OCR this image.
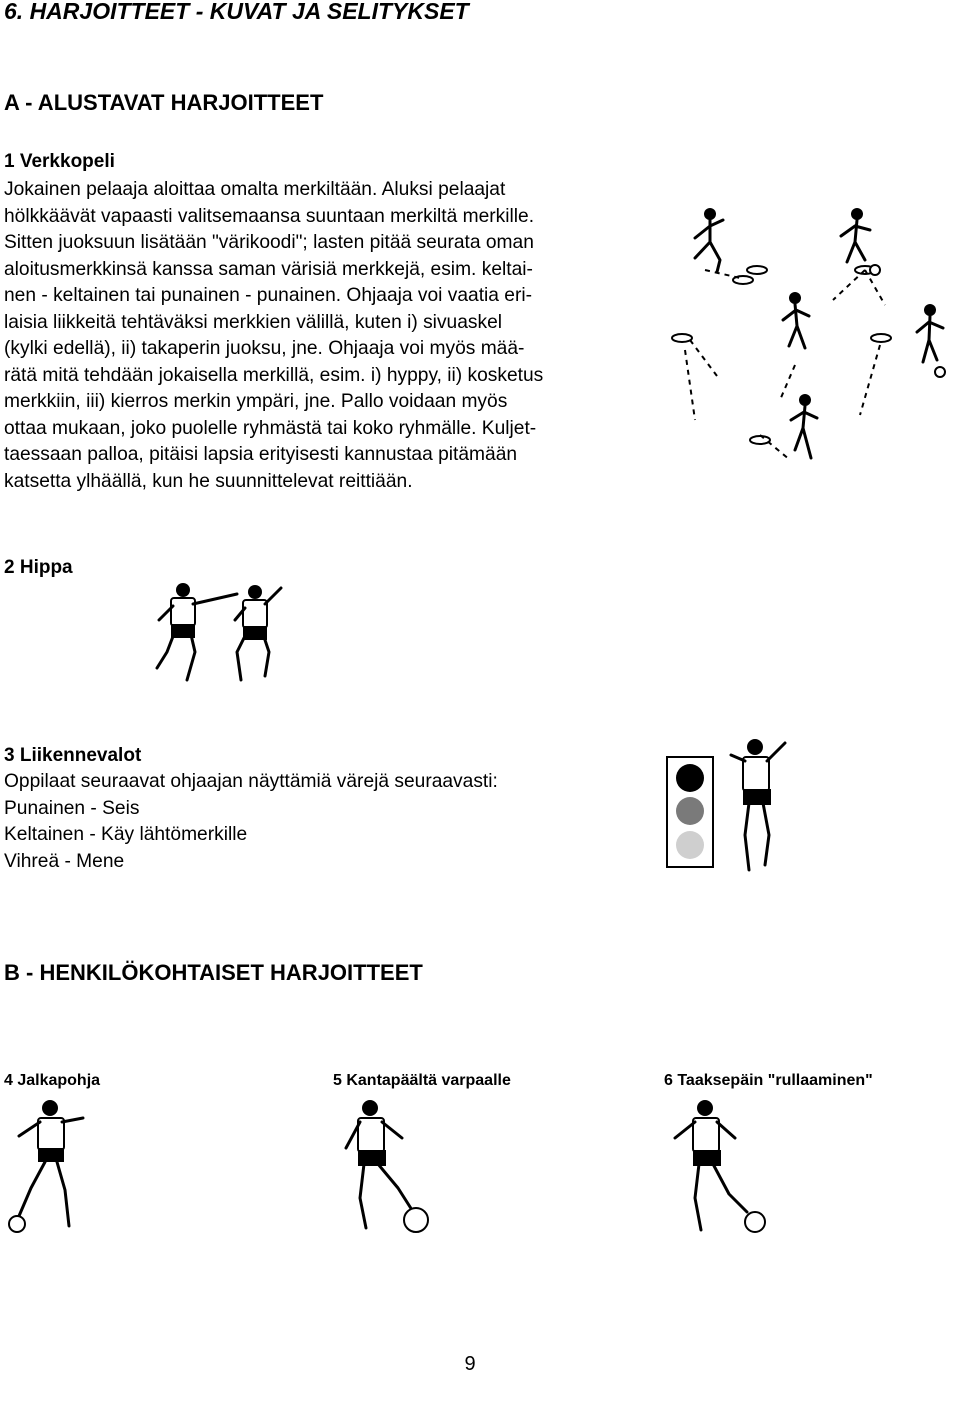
6. HARJOITTEET - KUVAT JA SELITYKSET
A - ALUSTAVAT HARJOITTEET
1 Verkkopeli
Jokainen pelaaja aloittaa omalta merkiltään. Aluksi pelaajat
hölkkäävät vapaasti valitsemaansa suuntaan merkiltä merkille.
Sitten juoksuun lisätään "värikoodi"; lasten pitää seurata oman
aloitusmerkkinsä kanssa saman värisiä merkkejä, esim. keltai-
nen - keltainen tai punainen - punainen. Ohjaaja voi vaatia eri-
laisia liikkeitä tehtäväksi merkkien välillä, kuten i) sivuaskel
(kylki edellä), ii) takaperin juoksu, jne. Ohjaaja voi myös mää-
rätä mitä tehdään jokaisella merkillä, esim. i) hyppy, ii) kosketus
merkkiin, iii) kierros merkin ympäri, jne. Pallo voidaan myös
ottaa mukaan, joko puolelle ryhmästä tai koko ryhmälle. Kuljet-
taessaan palloa, pitäisi lapsia erityisesti kannustaa pitämään
katsetta ylhäällä, kun he suunnittelevat reittiään.
2 Hippa
3 Liikennevalot
Oppilaat seuraavat ohjaajan näyttämiä värejä seuraavasti:
Punainen - Seis
Keltainen - Käy lähtömerkille
Vihreä - Mene
B - HENKILÖKOHTAISET HARJOITTEET
4 Jalkapohja	5 Kantapäältä varpaalle	6 Taaksepäin "rullaaminen"
9
